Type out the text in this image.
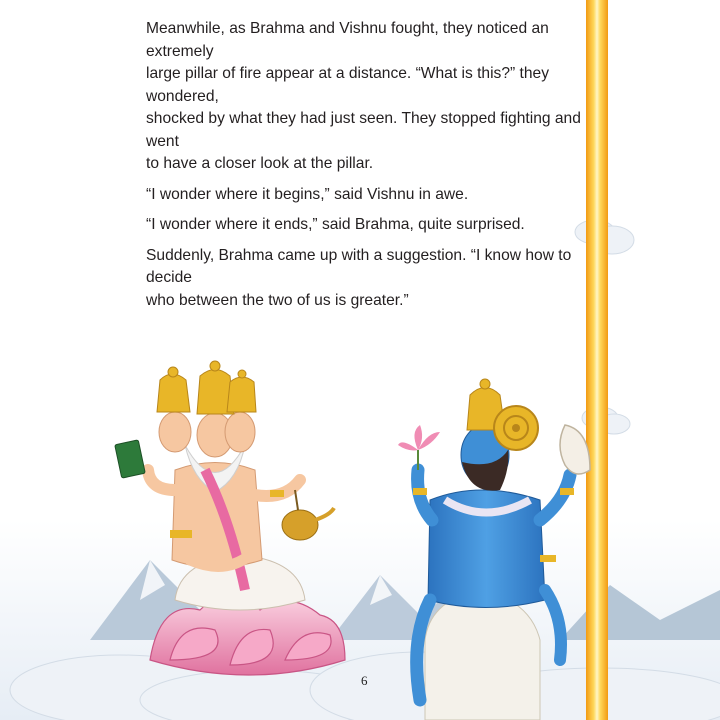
Meanwhile, as Brahma and Vishnu fought, they noticed an extremely
large pillar of fire appear at a distance. “What is this?” they wondered,
shocked by what they had just seen. They stopped fighting and went
to have a closer look at the pillar.

“I wonder where it begins,” said Vishnu in awe.

“I wonder where it ends,” said Brahma, quite surprised.

Suddenly, Brahma came up with a suggestion. “I know how to decide
who between the two of us is greater.”

6
